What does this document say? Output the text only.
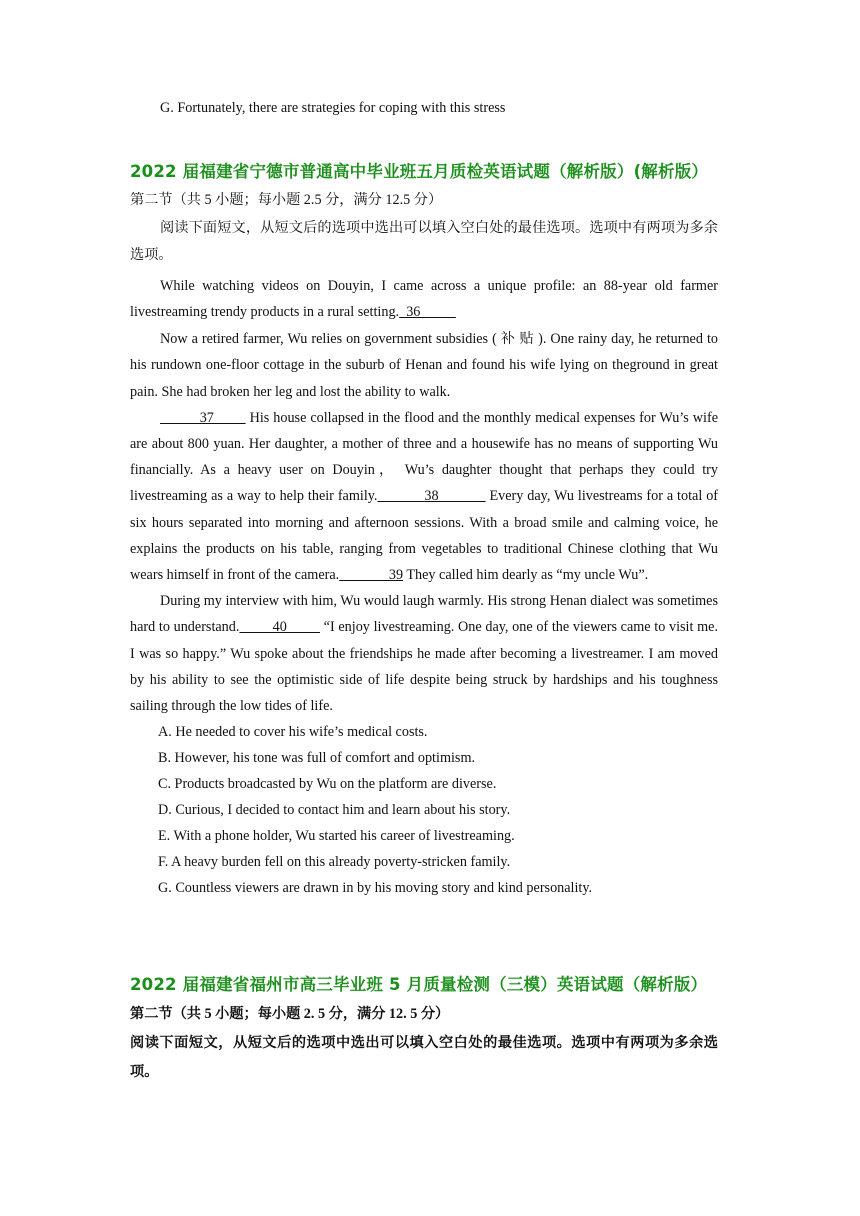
G. Fortunately, there are strategies for coping with this stress
2022 届福建省宁德市普通高中毕业班五月质检英语试题（解析版）(解析版）
第二节（共 5 小题；每小题 2.5 分，满分 12.5 分）
阅读下面短文，从短文后的选项中选出可以填入空白处的最佳选项。选项中有两项为多余选项。
While watching videos on Douyin, I came across a unique profile: an 88-year old farmer livestreaming trendy products in a rural setting.  36
Now a retired farmer, Wu relies on government subsidies ( 补 贴 ). One rainy day, he returned to his rundown one-floor cottage in the suburb of Henan and found his wife lying on theground in great pain. She had broken her leg and lost the ability to walk.
37         His house collapsed in the flood and the monthly medical expenses for Wu’s wife are about 800 yuan. Her daughter, a mother of three and a housewife has no means of supporting Wu financially. As a heavy user on Douyin， Wu’s daughter thought that perhaps they could try livestreaming as a way to help their family.            38             Every day, Wu livestreams for a total of six hours separated into morning and afternoon sessions. With a broad smile and calming voice, he explains the products on his table, ranging from vegetables to traditional Chinese clothing that Wu wears himself in front of the camera.              39 They called him dearly as “my uncle Wu”.
During my interview with him, Wu would laugh warmly. His strong Henan dialect was sometimes hard to understand.         40          “I enjoy livestreaming. One day, one of the viewers came to visit me. I was so happy.” Wu spoke about the friendships he made after becoming a livestreamer. I am moved by his ability to see the optimistic side of life despite being struck by hardships and his toughness sailing through the low tides of life.
A. He needed to cover his wife’s medical costs.
B. However, his tone was full of comfort and optimism.
C. Products broadcasted by Wu on the platform are diverse.
D. Curious, I decided to contact him and learn about his story.
E. With a phone holder, Wu started his career of livestreaming.
F. A heavy burden fell on this already poverty-stricken family.
G. Countless viewers are drawn in by his moving story and kind personality.
2022 届福建省福州市高三毕业班 5 月质量检测（三模）英语试题（解析版）
第二节（共 5 小题；每小题 2. 5 分，满分 12. 5 分）
阅读下面短文，从短文后的选项中选出可以填入空白处的最佳选项。选项中有两项为多余选项。
